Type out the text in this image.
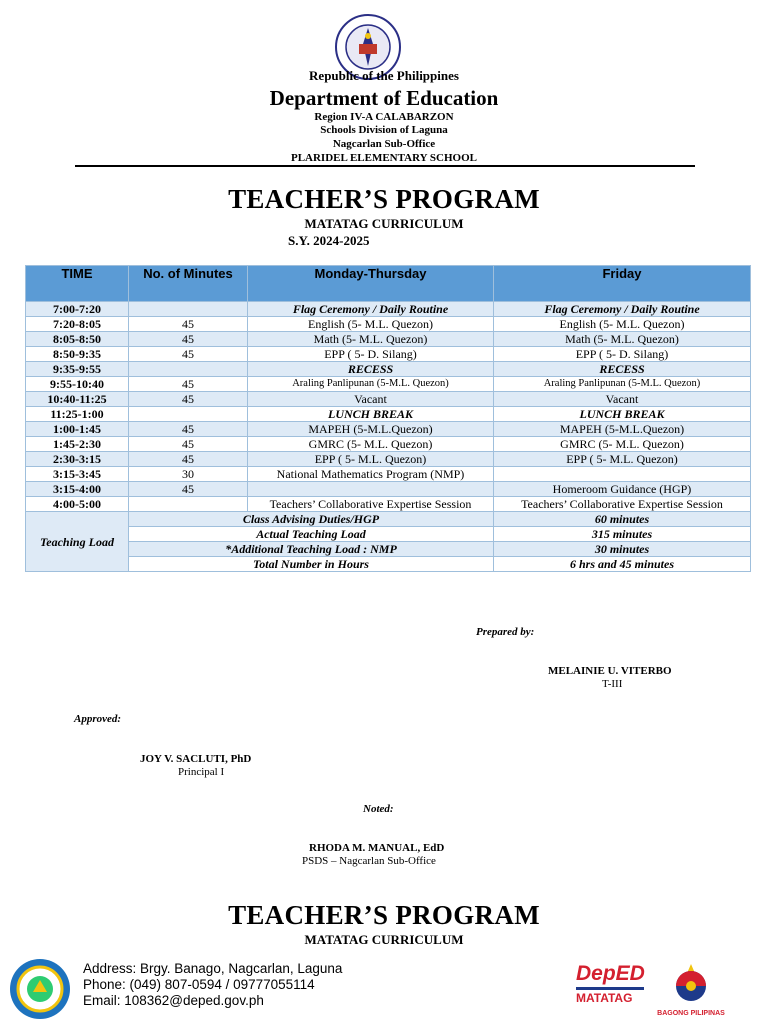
Republic of the Philippines
Department of Education
Region IV-A CALABARZON
Schools Division of Laguna
Nagcarlan Sub-Office
PLARIDEL ELEMENTARY SCHOOL
TEACHER’S PROGRAM
MATATAG CURRICULUM
S.Y. 2024-2025
TIME	No. of Minutes	Monday-Thursday	Friday
7:00-7:20		Flag Ceremony / Daily Routine	Flag Ceremony / Daily Routine
7:20-8:05	45	English (5- M.L. Quezon)	English (5- M.L. Quezon)
8:05-8:50	45	Math (5- M.L. Quezon)	Math (5- M.L. Quezon)
8:50-9:35	45	EPP ( 5- D. Silang)	EPP ( 5- D. Silang)
9:35-9:55		RECESS	RECESS
9:55-10:40	45	Araling Panlipunan (5-M.L. Quezon)	Araling Panlipunan (5-M.L. Quezon)
10:40-11:25	45	Vacant	Vacant
11:25-1:00		LUNCH BREAK	LUNCH BREAK
1:00-1:45	45	MAPEH (5-M.L.Quezon)	MAPEH (5-M.L.Quezon)
1:45-2:30	45	GMRC (5- M.L. Quezon)	GMRC (5- M.L. Quezon)
2:30-3:15	45	EPP ( 5- M.L. Quezon)	EPP ( 5- M.L. Quezon)
3:15-3:45	30	National Mathematics Program (NMP)	
3:15-4:00	45		Homeroom Guidance (HGP)
4:00-5:00		Teachers’ Collaborative Expertise Session	Teachers’ Collaborative Expertise Session
Teaching Load	Class Advising Duties/HGP		60 minutes
	Actual Teaching Load		315 minutes
	*Additional Teaching Load : NMP		30 minutes
	Total Number in Hours		6 hrs and 45 minutes
Prepared by:
MELAINIE U. VITERBO
T-III
Approved:
JOY V. SACLUTI, PhD
Principal I
Noted:
RHODA M. MANUAL, EdD
PSDS – Nagcarlan Sub-Office
TEACHER’S PROGRAM
MATATAG CURRICULUM
Address: Brgy. Banago, Nagcarlan, Laguna
Phone: (049) 807-0594 / 09777055114
Email: 108362@deped.gov.ph
DepED
MATATAG
BAGONG PILIPINAS
